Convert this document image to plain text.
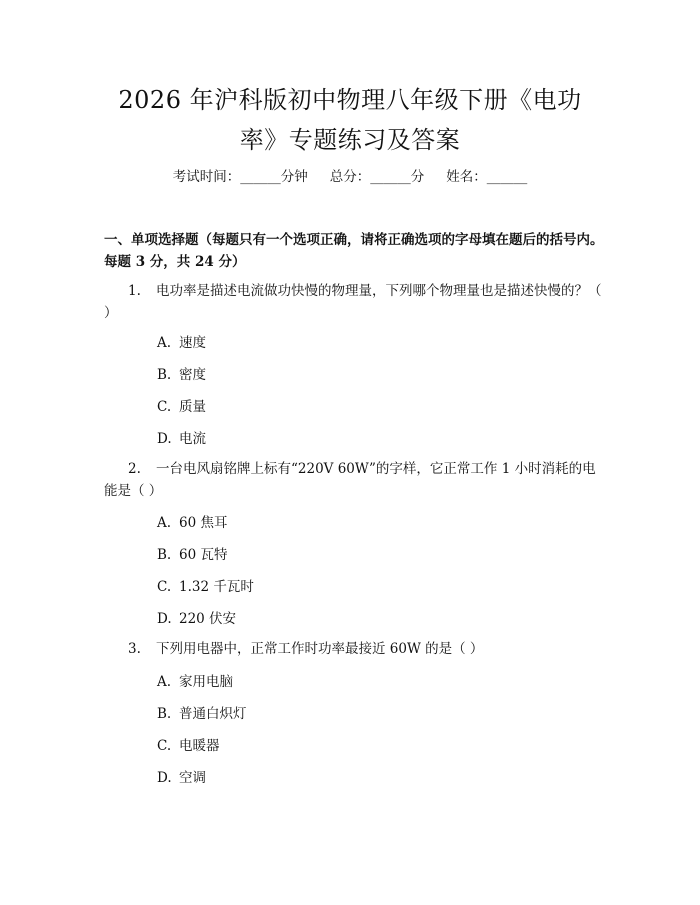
2026 年沪科版初中物理八年级下册《电功
率》专题练习及答案
考试时间：______分钟 总分：______分 姓名：______
一、单项选择题（每题只有一个选项正确，请将正确选项的字母填在题后的括号内。每题 3 分，共 24 分）
1. 电功率是描述电流做功快慢的物理量，下列哪个物理量也是描述快慢的？（ ）
A. 速度
B. 密度
C. 质量
D. 电流
2. 一台电风扇铭牌上标有“220V 60W”的字样，它正常工作 1 小时消耗的电能是（ ）
A. 60 焦耳
B. 60 瓦特
C. 1.32 千瓦时
D. 220 伏安
3. 下列用电器中，正常工作时功率最接近 60W 的是（ ）
A. 家用电脑
B. 普通白炽灯
C. 电暖器
D. 空调
